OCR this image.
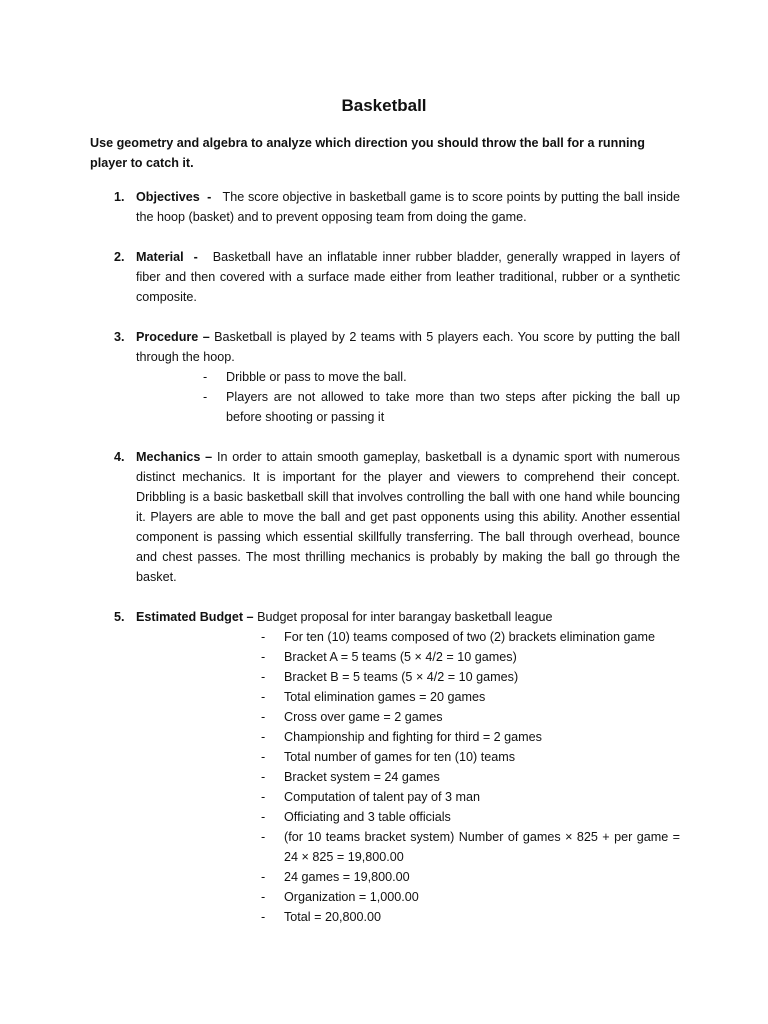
Basketball

Use geometry and algebra to analyze which direction you should throw the ball for a running player to catch it.

1. Objectives  -   The score objective in basketball game is to score points by putting the ball inside the hoop (basket) and to prevent opposing team from doing the game.
2. Material  -   Basketball have an inflatable inner rubber bladder, generally wrapped in layers of fiber and then covered with a surface made either from leather traditional, rubber or a synthetic composite.
3. Procedure – Basketball is played by 2 teams with 5 players each. You score by putting the ball through the hoop.
- Dribble or pass to move the ball.
- Players are not allowed to take more than two steps after picking the ball up before shooting or passing it
4. Mechanics – In order to attain smooth gameplay, basketball is a dynamic sport with numerous distinct mechanics. It is important for the player and viewers to comprehend their concept. Dribbling is a basic basketball skill that involves controlling the ball with one hand while bouncing it. Players are able to move the ball and get past opponents using this ability. Another essential component is passing which essential skillfully transferring. The ball through overhead, bounce and chest passes. The most thrilling mechanics is probably by making the ball go through the basket.
5. Estimated Budget – Budget proposal for inter barangay basketball league
- For ten (10) teams composed of two (2) brackets elimination game
- Bracket A = 5 teams (5 × 4/2 = 10 games)
- Bracket B = 5 teams (5 × 4/2 = 10 games)
- Total elimination games = 20 games
- Cross over game = 2 games
- Championship and fighting for third = 2 games
- Total number of games for ten (10) teams
- Bracket system = 24 games
- Computation of talent pay of 3 man
- Officiating and 3 table officials
- (for 10 teams bracket system) Number of games × 825 + per game = 24 × 825 = 19,800.00
- 24 games = 19,800.00
- Organization = 1,000.00
- Total = 20,800.00
